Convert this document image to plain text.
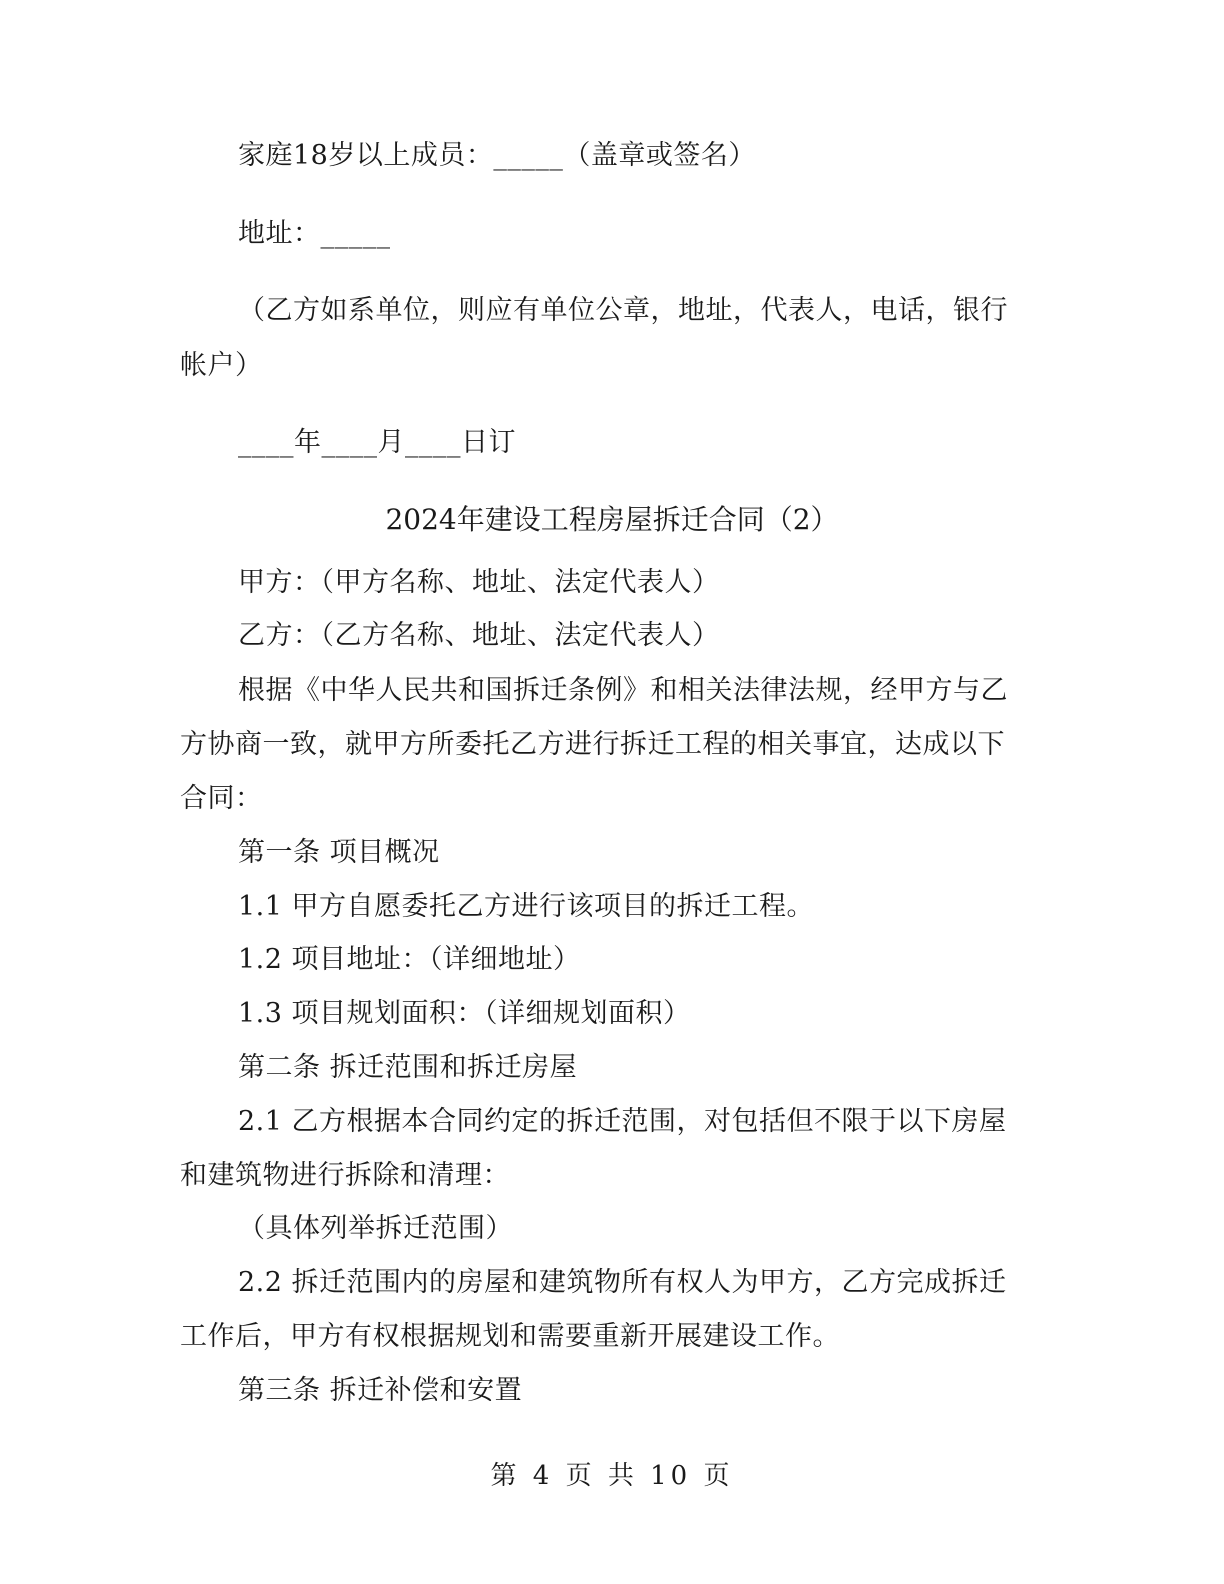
家庭18岁以上成员：_____（盖章或签名）
地址：_____
（乙方如系单位，则应有单位公章，地址，代表人，电话，银行
帐户）
____年____月____日订
2024年建设工程房屋拆迁合同（2）
甲方：（甲方名称、地址、法定代表人）
乙方：（乙方名称、地址、法定代表人）
根据《中华人民共和国拆迁条例》和相关法律法规，经甲方与乙
方协商一致，就甲方所委托乙方进行拆迁工程的相关事宜，达成以下
合同：
第一条 项目概况
1.1 甲方自愿委托乙方进行该项目的拆迁工程。
1.2 项目地址：（详细地址）
1.3 项目规划面积：（详细规划面积）
第二条 拆迁范围和拆迁房屋
2.1 乙方根据本合同约定的拆迁范围，对包括但不限于以下房屋
和建筑物进行拆除和清理：
（具体列举拆迁范围）
2.2 拆迁范围内的房屋和建筑物所有权人为甲方，乙方完成拆迁
工作后，甲方有权根据规划和需要重新开展建设工作。
第三条 拆迁补偿和安置
第 4 页 共 10 页
